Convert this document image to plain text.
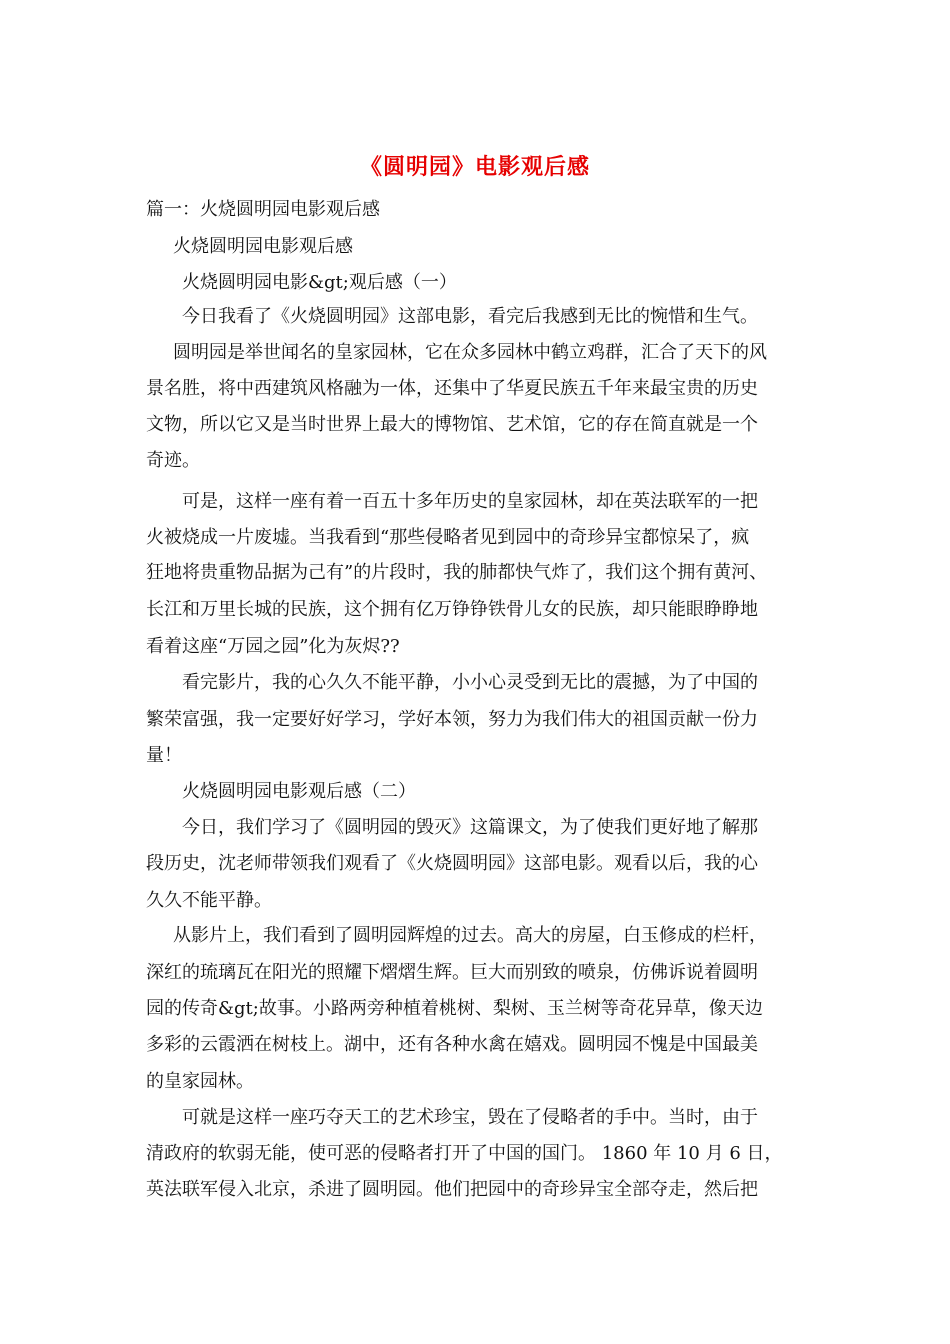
《圆明园》电影观后感
篇一：火烧圆明园电影观后感
火烧圆明园电影观后感
火烧圆明园电影&gt;观后感（一）
今日我看了《火烧圆明园》这部电影，看完后我感到无比的惋惜和生气。
圆明园是举世闻名的皇家园林，它在众多园林中鹤立鸡群，汇合了天下的风
景名胜，将中西建筑风格融为一体，还集中了华夏民族五千年来最宝贵的历史
文物，所以它又是当时世界上最大的博物馆、艺术馆，它的存在简直就是一个
奇迹。
可是，这样一座有着一百五十多年历史的皇家园林，却在英法联军的一把
火被烧成一片废墟。当我看到“那些侵略者见到园中的奇珍异宝都惊呆了，疯
狂地将贵重物品据为己有”的片段时，我的肺都快气炸了，我们这个拥有黄河、
长江和万里长城的民族，这个拥有亿万铮铮铁骨儿女的民族，却只能眼睁睁地
看着这座“万园之园”化为灰烬??
看完影片，我的心久久不能平静，小小心灵受到无比的震撼，为了中国的
繁荣富强，我一定要好好学习，学好本领，努力为我们伟大的祖国贡献一份力
量！
火烧圆明园电影观后感（二）
今日，我们学习了《圆明园的毁灭》这篇课文，为了使我们更好地了解那
段历史，沈老师带领我们观看了《火烧圆明园》这部电影。观看以后，我的心
久久不能平静。
从影片上，我们看到了圆明园辉煌的过去。高大的房屋，白玉修成的栏杆，
深红的琉璃瓦在阳光的照耀下熠熠生辉。巨大而别致的喷泉，仿佛诉说着圆明
园的传奇&gt;故事。小路两旁种植着桃树、梨树、玉兰树等奇花异草，像天边
多彩的云霞洒在树枝上。湖中，还有各种水禽在嬉戏。圆明园不愧是中国最美
的皇家园林。
可就是这样一座巧夺天工的艺术珍宝，毁在了侵略者的手中。当时，由于
清政府的软弱无能，使可恶的侵略者打开了中国的国门。 1860 年 10 月 6 日，
英法联军侵入北京，杀进了圆明园。他们把园中的奇珍异宝全部夺走，然后把
